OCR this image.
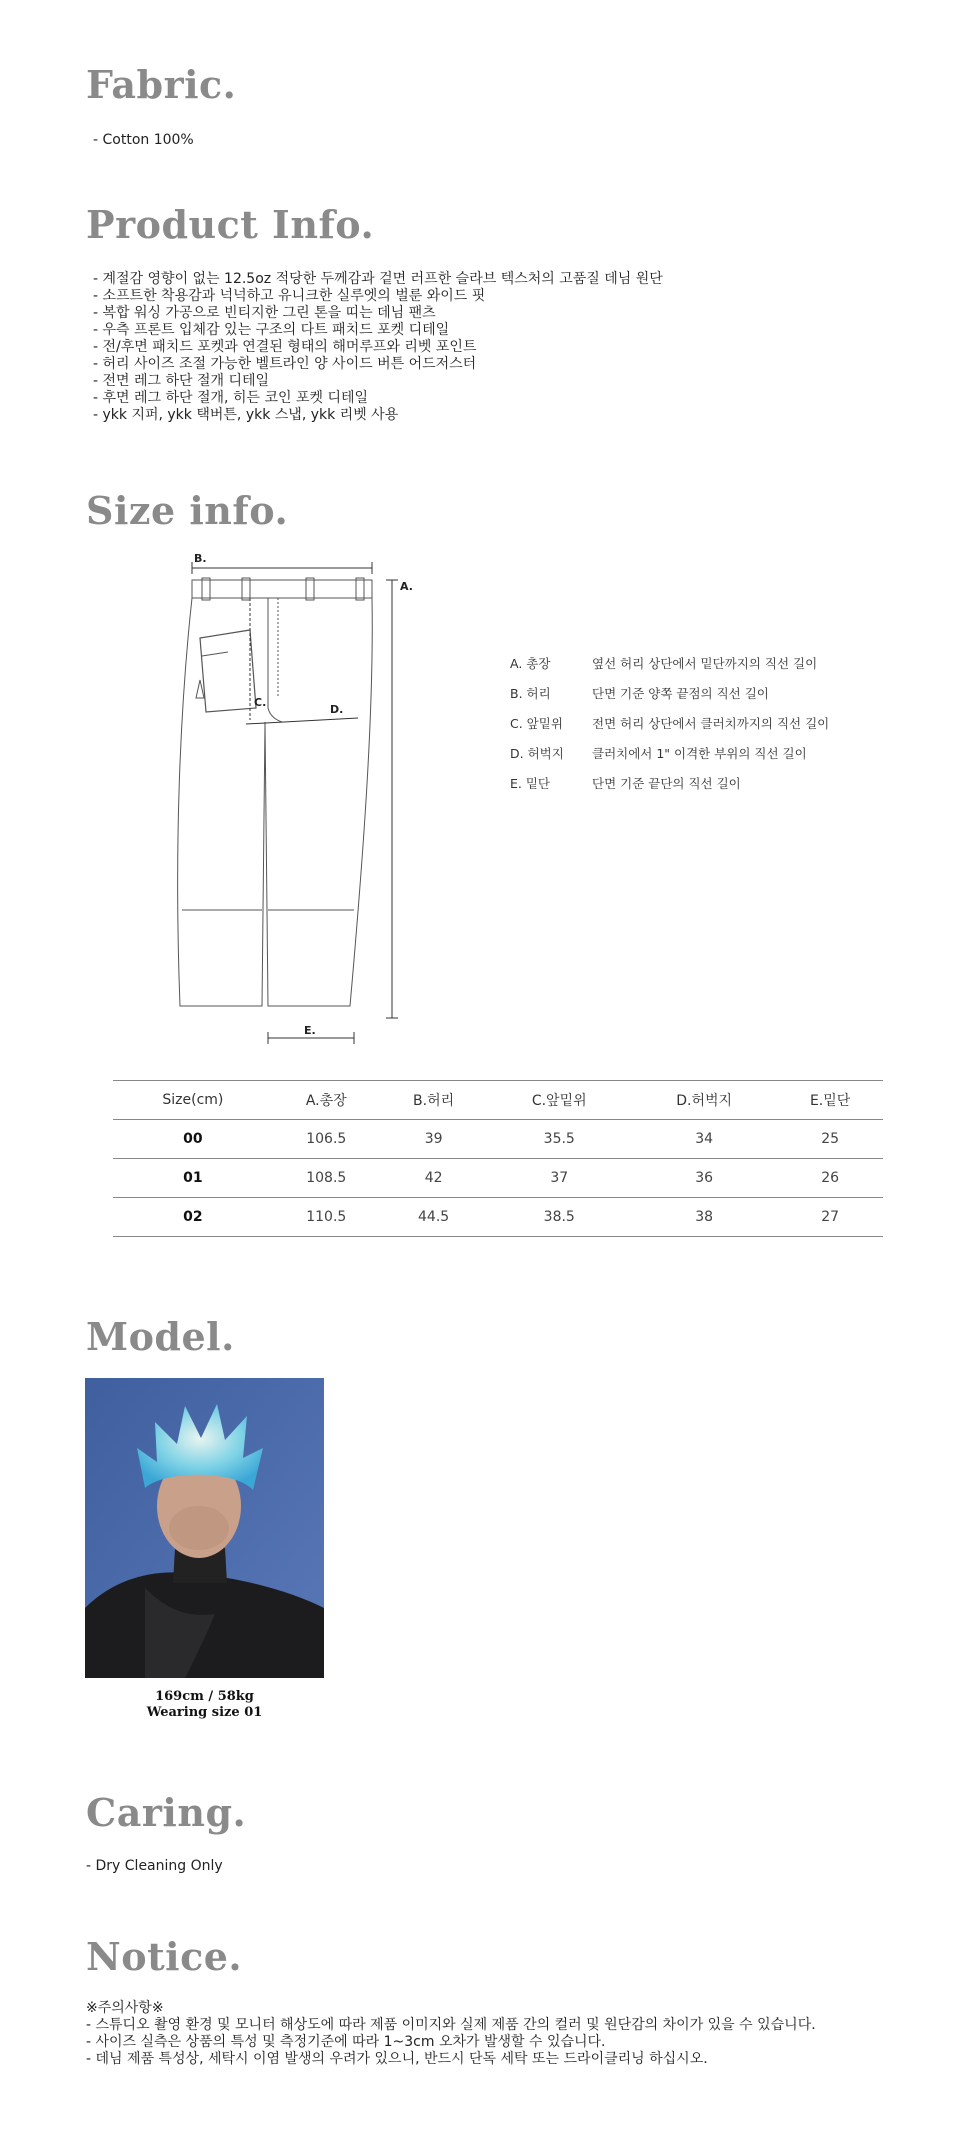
Fabric.
- Cotton 100%
Product Info.
- 계절감 영향이 없는 12.5oz 적당한 두께감과 겉면 러프한 슬라브 텍스처의 고품질 데님 원단
- 소프트한 착용감과 넉넉하고 유니크한 실루엣의 벌룬 와이드 핏
- 복합 워싱 가공으로 빈티지한 그린 톤을 띠는 데님 팬츠
- 우측 프론트 입체감 있는 구조의 다트 패치드 포켓 디테일
- 전/후면 패치드 포켓과 연결된 형태의 해머루프와 리벳 포인트
- 허리 사이즈 조절 가능한 벨트라인 양 사이드 버튼 어드저스터
- 전면 레그 하단 절개 디테일
- 후면 레그 하단 절개, 히든 코인 포켓 디테일
- ykk 지퍼, ykk 택버튼, ykk 스냅, ykk 리벳 사용
Size info.
B.
A.
C.
D.
E.
A. 총장	옆선 허리 상단에서 밑단까지의 직선 길이
B. 허리	단면 기준 양쪽 끝점의 직선 길이
C. 앞밑위	전면 허리 상단에서 클러치까지의 직선 길이
D. 허벅지	클러치에서 1" 이격한 부위의 직선 길이
E. 밑단	단면 기준 끝단의 직선 길이
Size(cm)	A.총장	B.허리	C.앞밑위	D.허벅지	E.밑단
00	106.5	39	35.5	34	25
01	108.5	42	37	36	26
02	110.5	44.5	38.5	38	27
Model.
169cm / 58kg
Wearing size 01
Caring.
- Dry Cleaning Only
Notice.
※주의사항※
- 스튜디오 촬영 환경 및 모니터 해상도에 따라 제품 이미지와 실제 제품 간의 컬러 및 원단감의 차이가 있을 수 있습니다.
- 사이즈 실측은 상품의 특성 및 측정기준에 따라 1~3cm 오차가 발생할 수 있습니다.
- 데님 제품 특성상, 세탁시 이염 발생의 우려가 있으니, 반드시 단독 세탁 또는 드라이클리닝 하십시오.
